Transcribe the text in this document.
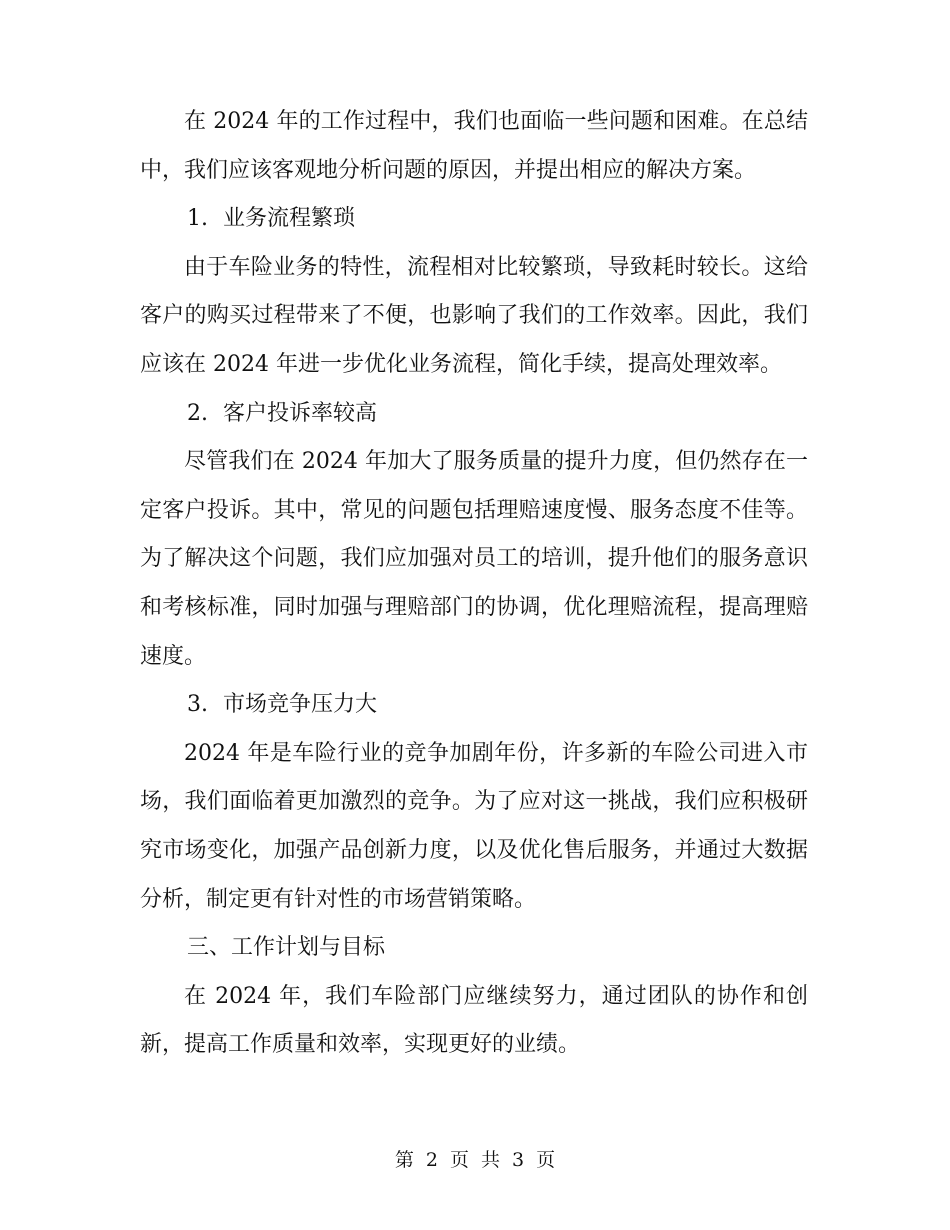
在 2024 年的工作过程中，我们也面临一些问题和困难。在总结中，我们应该客观地分析问题的原因，并提出相应的解决方案。

1. 业务流程繁琐

由于车险业务的特性，流程相对比较繁琐，导致耗时较长。这给客户的购买过程带来了不便，也影响了我们的工作效率。因此，我们应该在 2024 年进一步优化业务流程，简化手续，提高处理效率。

2. 客户投诉率较高

尽管我们在 2024 年加大了服务质量的提升力度，但仍然存在一定客户投诉。其中，常见的问题包括理赔速度慢、服务态度不佳等。为了解决这个问题，我们应加强对员工的培训，提升他们的服务意识和考核标准，同时加强与理赔部门的协调，优化理赔流程，提高理赔速度。

3. 市场竞争压力大

2024 年是车险行业的竞争加剧年份，许多新的车险公司进入市场，我们面临着更加激烈的竞争。为了应对这一挑战，我们应积极研究市场变化，加强产品创新力度，以及优化售后服务，并通过大数据分析，制定更有针对性的市场营销策略。

三、工作计划与目标

在 2024 年，我们车险部门应继续努力，通过团队的协作和创新，提高工作质量和效率，实现更好的业绩。

第 2 页 共 3 页
